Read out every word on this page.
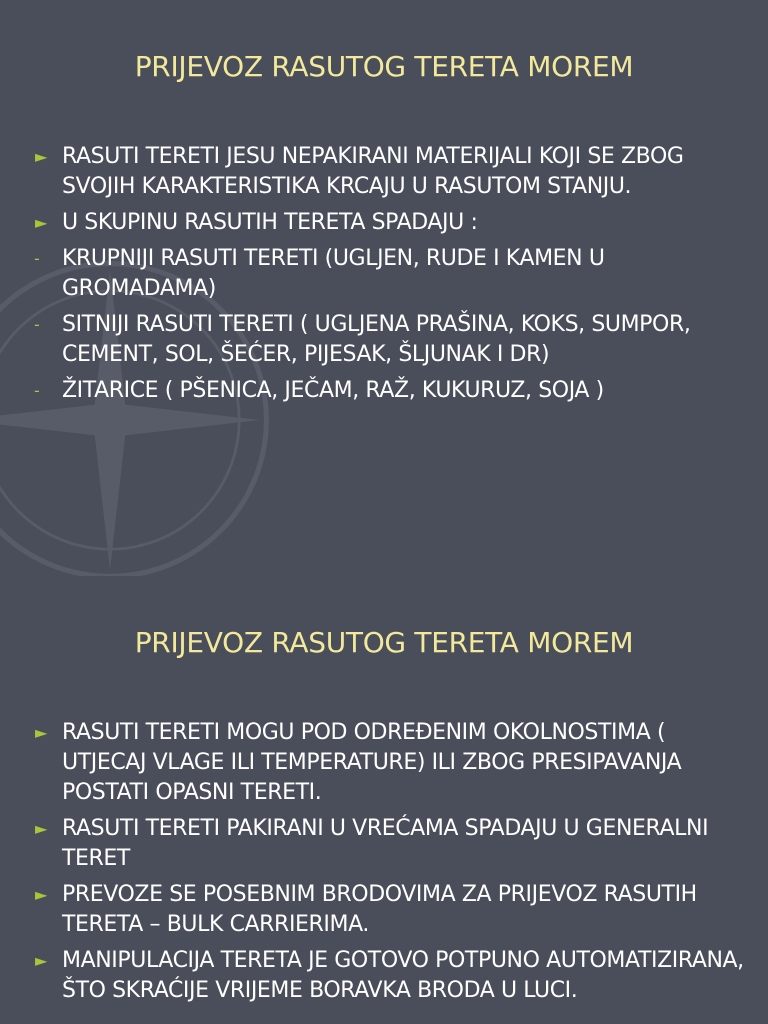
PRIJEVOZ RASUTOG TERETA MOREM
► RASUTI TERETI JESU NEPAKIRANI MATERIJALI KOJI SE ZBOG SVOJIH KARAKTERISTIKA KRCAJU U RASUTOM STANJU.
► U SKUPINU RASUTIH TERETA SPADAJU :
- KRUPNIJI RASUTI TERETI (UGLJEN, RUDE I KAMEN U GROMADAMA)
- SITNIJI RASUTI TERETI ( UGLJENA PRAŠINA, KOKS, SUMPOR, CEMENT, SOL, ŠEĆER, PIJESAK, ŠLJUNAK I DR)
- ŽITARICE ( PŠENICA, JEČAM, RAŽ, KUKURUZ, SOJA )
PRIJEVOZ RASUTOG TERETA MOREM
► RASUTI TERETI MOGU POD ODREĐENIM OKOLNOSTIMA ( UTJECAJ VLAGE ILI TEMPERATURE) ILI ZBOG PRESIPAVANJA POSTATI OPASNI TERETI.
► RASUTI TERETI PAKIRANI U VREĆAMA SPADAJU U GENERALNI TERET
► PREVOZE SE POSEBNIM BRODOVIMA ZA PRIJEVOZ RASUTIH TERETA – BULK CARRIERIMA.
► MANIPULACIJA TERETA JE GOTOVO POTPUNO AUTOMATIZIRANA, ŠTO SKRAĆIJE VRIJEME BORAVKA BRODA U LUCI.
